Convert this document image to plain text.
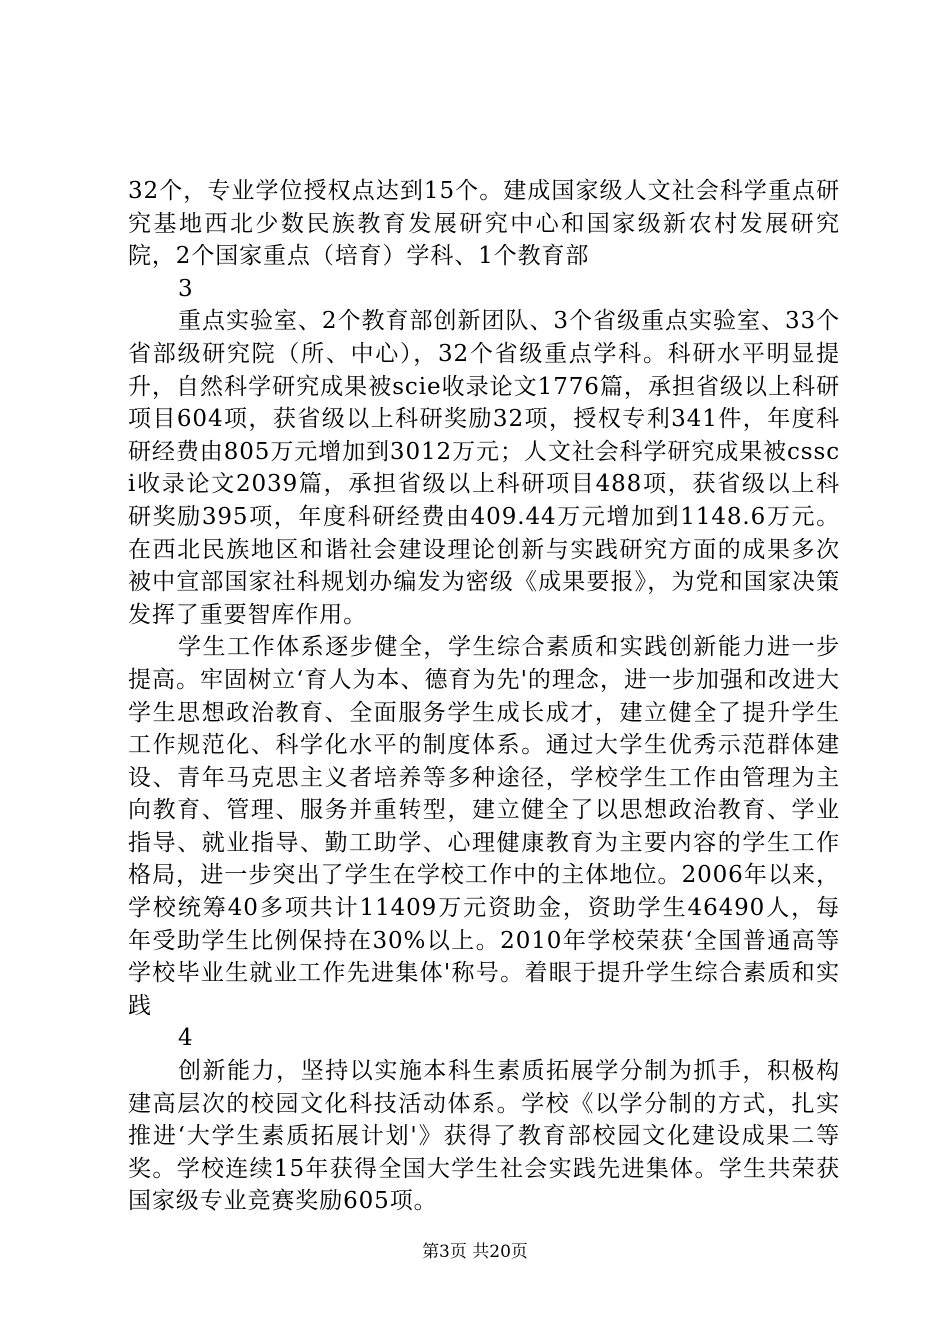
32个，专业学位授权点达到15个。建成国家级人文社会科学重点研究基地西北少数民族教育发展研究中心和国家级新农村发展研究院，2个国家重点（培育）学科、1个教育部

3

重点实验室、2个教育部创新团队、3个省级重点实验室、33个省部级研究院（所、中心），32个省级重点学科。科研水平明显提升，自然科学研究成果被scie收录论文1776篇，承担省级以上科研项目604项，获省级以上科研奖励32项，授权专利341件，年度科研经费由805万元增加到3012万元；人文社会科学研究成果被cssci收录论文2039篇，承担省级以上科研项目488项，获省级以上科研奖励395项，年度科研经费由409.44万元增加到1148.6万元。在西北民族地区和谐社会建设理论创新与实践研究方面的成果多次被中宣部国家社科规划办编发为密级《成果要报》，为党和国家决策发挥了重要智库作用。

学生工作体系逐步健全，学生综合素质和实践创新能力进一步提高。牢固树立‘育人为本、德育为先'的理念，进一步加强和改进大学生思想政治教育、全面服务学生成长成才，建立健全了提升学生工作规范化、科学化水平的制度体系。通过大学生优秀示范群体建设、青年马克思主义者培养等多种途径，学校学生工作由管理为主向教育、管理、服务并重转型，建立健全了以思想政治教育、学业指导、就业指导、勤工助学、心理健康教育为主要内容的学生工作格局，进一步突出了学生在学校工作中的主体地位。2006年以来，学校统筹40多项共计11409万元资助金，资助学生46490人，每年受助学生比例保持在30%以上。2010年学校荣获‘全国普通高等学校毕业生就业工作先进集体'称号。着眼于提升学生综合素质和实践

4

创新能力，坚持以实施本科生素质拓展学分制为抓手，积极构建高层次的校园文化科技活动体系。学校《以学分制的方式，扎实推进‘大学生素质拓展计划'》获得了教育部校园文化建设成果二等奖。学校连续15年获得全国大学生社会实践先进集体。学生共荣获国家级专业竞赛奖励605项。

第3页 共20页
